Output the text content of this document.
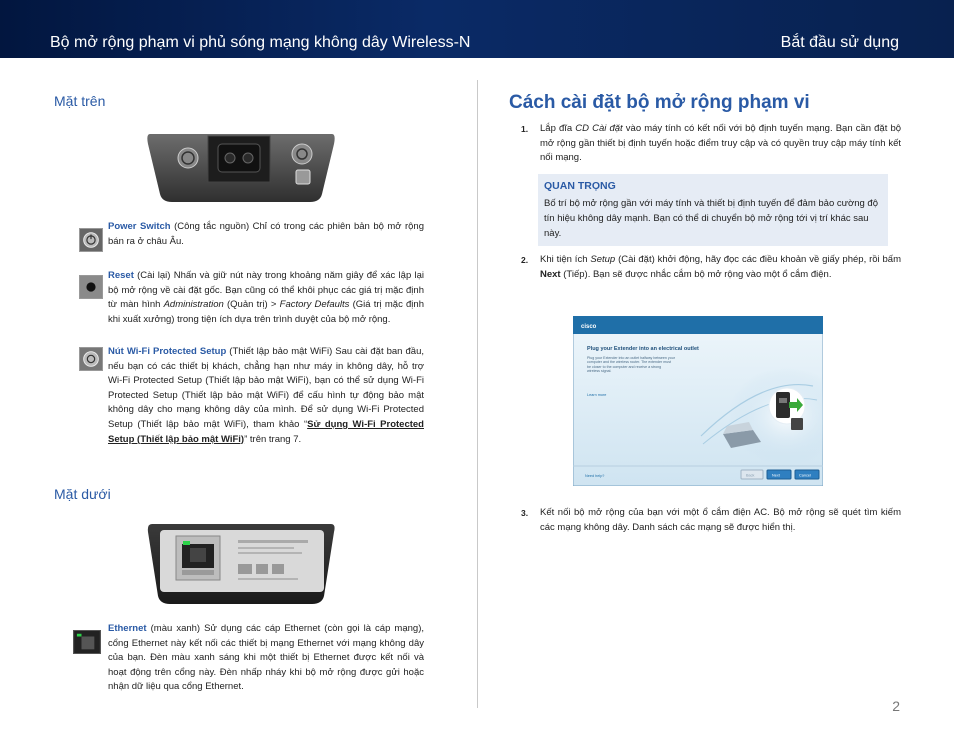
Bộ mở rộng phạm vi phủ sóng mạng không dây Wireless-N	Bắt đầu sử dụng
Mặt trên
Power Switch (Công tắc nguồn) Chỉ có trong các phiên bản bộ mở rộng bán ra ở châu Âu.
Reset (Cài lại) Nhấn và giữ nút này trong khoảng năm giây để xác lập lại bộ mở rộng về cài đặt gốc. Bạn cũng có thể khôi phục các giá trị mặc định từ màn hình Administration (Quản trị) > Factory Defaults (Giá trị mặc định khi xuất xưởng) trong tiện ích dựa trên trình duyệt của bộ mở rộng.
Nút Wi-Fi Protected Setup (Thiết lập bảo mật WiFi) Sau cài đặt ban đầu, nếu bạn có các thiết bị khách, chẳng hạn như máy in không dây, hỗ trợ Wi-Fi Protected Setup (Thiết lập bảo mật WiFi), bạn có thể sử dụng Wi-Fi Protected Setup (Thiết lập bảo mật WiFi) để cấu hình tự động bảo mật không dây cho mạng không dây của mình. Để sử dụng Wi-Fi Protected Setup (Thiết lập bảo mật WiFi), tham khảo “Sử dụng Wi-Fi Protected Setup (Thiết lập bảo mật WiFi)” trên trang 7.
Mặt dưới
Ethernet (màu xanh) Sử dụng các cáp Ethernet (còn gọi là cáp mạng), cổng Ethernet này kết nối các thiết bị mạng Ethernet với mạng không dây của bạn. Đèn màu xanh sáng khi một thiết bị Ethernet được kết nối và hoạt động trên cổng này. Đèn nhấp nháy khi bộ mở rộng được gửi hoặc nhận dữ liệu qua cổng Ethernet.
Cách cài đặt bộ mở rộng phạm vi
1. Lắp đĩa CD Cài đặt vào máy tính có kết nối với bộ định tuyến mạng. Bạn cần đặt bộ mở rộng gần thiết bị định tuyến hoặc điểm truy cập và có quyền truy cập máy tính kết nối mạng.
QUAN TRỌNG
Bố trí bộ mở rộng gần với máy tính và thiết bị định tuyến để đảm bảo cường độ tín hiệu không dây mạnh. Bạn có thể di chuyển bộ mở rộng tới vị trí khác sau này.
2. Khi tiện ích Setup (Cài đặt) khởi động, hãy đọc các điều khoản về giấy phép, rồi bấm Next (Tiếp). Bạn sẽ được nhắc cắm bộ mở rộng vào một ổ cắm điện.
cisco
Plug your Extender into an electrical outlet
Plug your Extender into an outlet halfway between your computer and the wireless router. The extender must be closer to the computer and receive a strong wireless signal.
Learn more
Need help?	Back	Next	Cancel
3. Kết nối bộ mở rộng của bạn với một ổ cắm điện AC. Bộ mở rộng sẽ quét tìm kiếm các mạng không dây. Danh sách các mạng sẽ được hiển thị.
2
